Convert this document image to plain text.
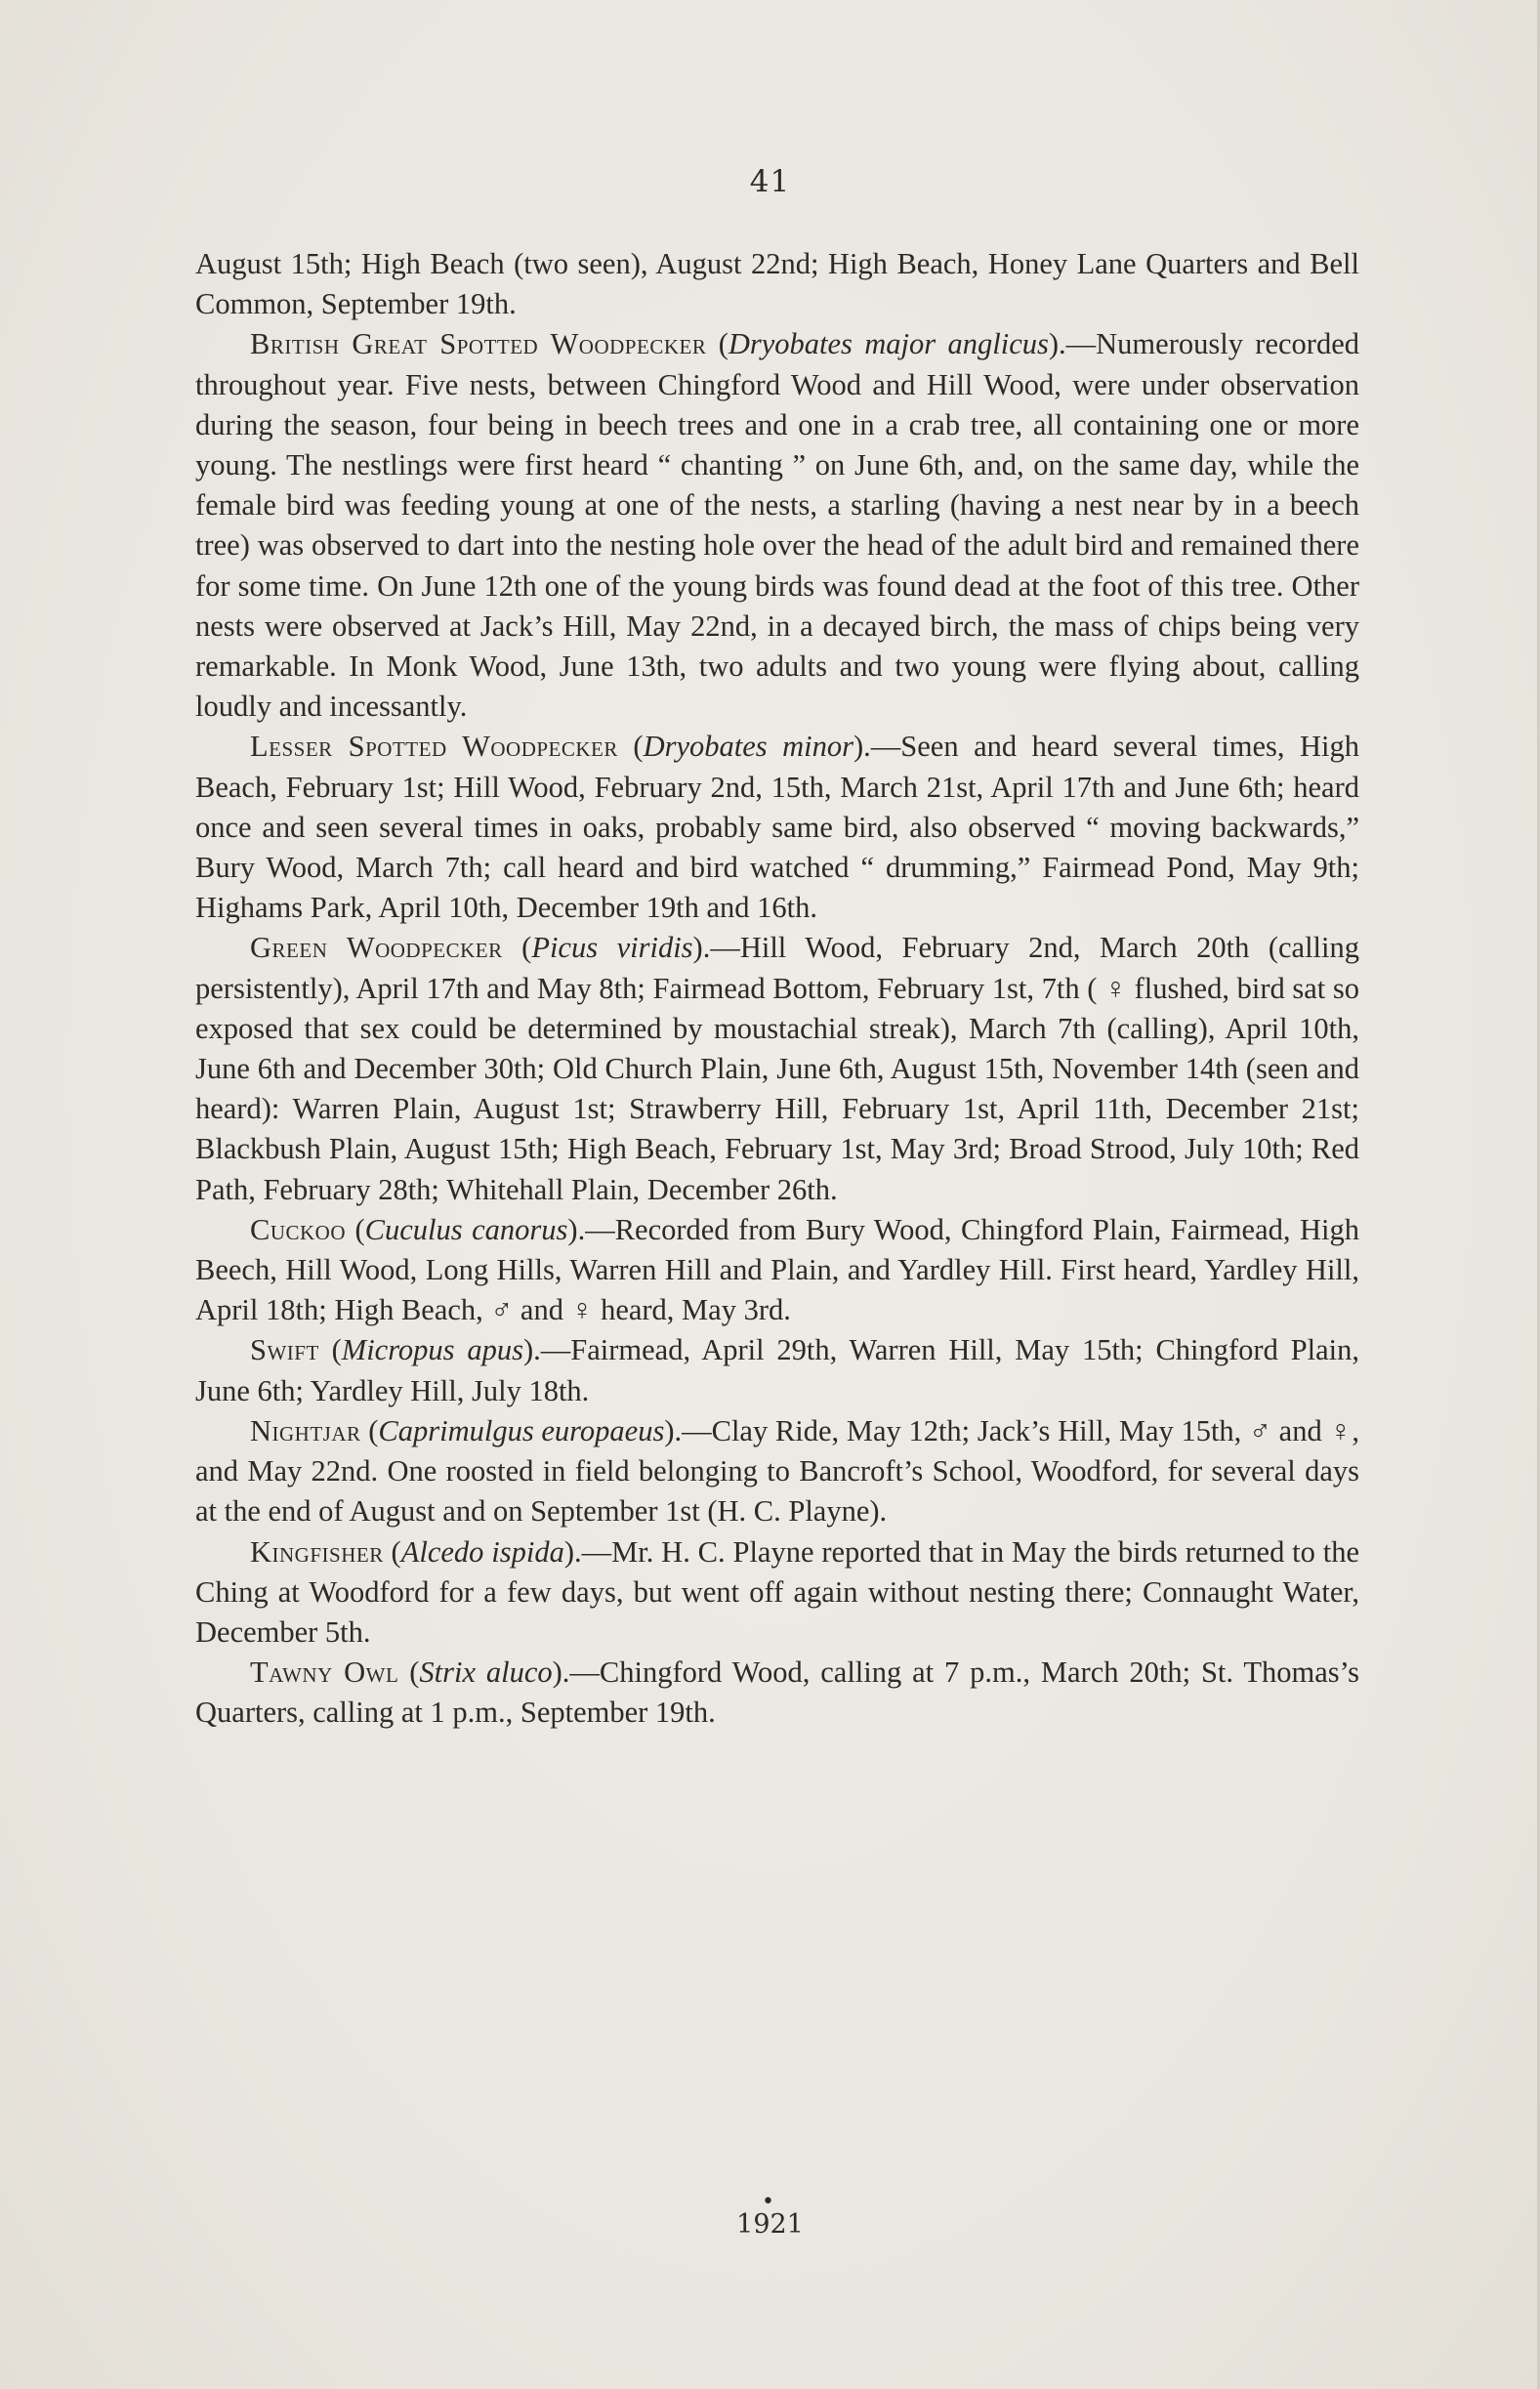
41

August 15th; High Beach (two seen), August 22nd; High Beach, Honey Lane Quarters and Bell Common, September 19th.

British Great Spotted Woodpecker (Dryobates major anglicus).—Numerously recorded throughout year. Five nests, between Chingford Wood and Hill Wood, were under observation during the season, four being in beech trees and one in a crab tree, all containing one or more young. The nestlings were first heard “ chanting ” on June 6th, and, on the same day, while the female bird was feeding young at one of the nests, a starling (having a nest near by in a beech tree) was observed to dart into the nesting hole over the head of the adult bird and remained there for some time. On June 12th one of the young birds was found dead at the foot of this tree. Other nests were observed at Jack’s Hill, May 22nd, in a decayed birch, the mass of chips being very remarkable. In Monk Wood, June 13th, two adults and two young were flying about, calling loudly and incessantly.

Lesser Spotted Woodpecker (Dryobates minor).—Seen and heard several times, High Beach, February 1st; Hill Wood, February 2nd, 15th, March 21st, April 17th and June 6th; heard once and seen several times in oaks, probably same bird, also observed “ moving backwards,” Bury Wood, March 7th; call heard and bird watched “ drumming,” Fairmead Pond, May 9th; Highams Park, April 10th, December 19th and 16th.

Green Woodpecker (Picus viridis).—Hill Wood, February 2nd, March 20th (calling persistently), April 17th and May 8th; Fairmead Bottom, February 1st, 7th ( ♀ flushed, bird sat so exposed that sex could be determined by moustachial streak), March 7th (calling), April 10th, June 6th and December 30th; Old Church Plain, June 6th, August 15th, November 14th (seen and heard): Warren Plain, August 1st; Strawberry Hill, February 1st, April 11th, December 21st; Blackbush Plain, August 15th; High Beach, February 1st, May 3rd; Broad Strood, July 10th; Red Path, February 28th; Whitehall Plain, December 26th.

Cuckoo (Cuculus canorus).—Recorded from Bury Wood, Chingford Plain, Fairmead, High Beech, Hill Wood, Long Hills, Warren Hill and Plain, and Yardley Hill. First heard, Yardley Hill, April 18th; High Beach, ♂ and ♀ heard, May 3rd.

Swift (Micropus apus).—Fairmead, April 29th, Warren Hill, May 15th; Chingford Plain, June 6th; Yardley Hill, July 18th.

Nightjar (Caprimulgus europaeus).—Clay Ride, May 12th; Jack’s Hill, May 15th, ♂ and ♀, and May 22nd. One roosted in field belonging to Bancroft’s School, Woodford, for several days at the end of August and on September 1st (H. C. Playne).

Kingfisher (Alcedo ispida).—Mr. H. C. Playne reported that in May the birds returned to the Ching at Woodford for a few days, but went off again without nesting there; Connaught Water, December 5th.

Tawny Owl (Strix aluco).—Chingford Wood, calling at 7 p.m., March 20th; St. Thomas’s Quarters, calling at 1 p.m., September 19th.

•
1921
